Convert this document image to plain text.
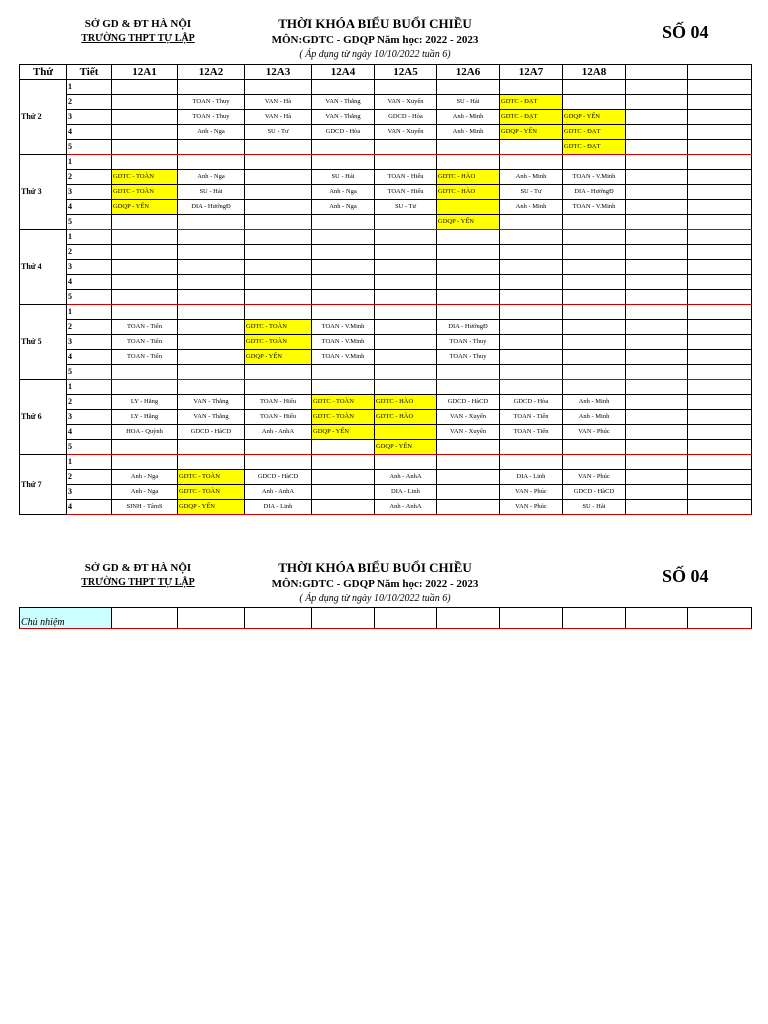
SỞ GD & ĐT HÀ NỘI
TRƯỜNG THPT TỰ LẬP
THỜI KHÓA BIỂU BUỔI CHIỀU
MÔN:GDTC - GDQP Năm học: 2022 - 2023
( Áp dụng từ ngày 10/10/2022 tuần 6)
SỐ 04
Thứ	Tiết	12A1	12A2	12A3	12A4	12A5	12A6	12A7	12A8		
Thứ 2	1										
	2		TOAN - Thuy	VAN - Hà	VAN - Thắng	VAN - Xuyến	SU - Hải	GDTC - ĐẠT			
	3		TOAN - Thuy	VAN - Hà	VAN - Thắng	GDCD - Hòa	Anh - Minh	GDTC - ĐẠT	GDQP - YẾN		
	4		Anh - Nga	SU - Tư	GDCD - Hòa	VAN - Xuyến	Anh - Minh	GDQP - YẾN	GDTC - ĐẠT		
	5								GDTC - ĐẠT		
Thứ 3	1										
	2	GDTC - TOÀN	Anh - Nga		SU - Hải	TOAN - Hiếu	GDTC - HÀO	Anh - Minh	TOAN - V.Minh		
	3	GDTC - TOÀN	SU - Hải		Anh - Nga	TOAN - Hiếu	GDTC - HÀO	SU - Tư	DIA - HướngĐ		
	4	GDQP - YẾN	DIA - HướngĐ		Anh - Nga	SU - Tư		Anh - Minh	TOAN - V.Minh		
	5						GDQP - YẾN				
Thứ 4	1										
	2										
	3										
	4										
	5										
Thứ 5	1										
	2	TOAN - Tiến		GDTC - TOÀN	TOAN - V.Minh		DIA - HướngĐ				
	3	TOAN - Tiến		GDTC - TOÀN	TOAN - V.Minh		TOAN - Thuy				
	4	TOAN - Tiến		GDQP - YẾN	TOAN - V.Minh		TOAN - Thuy				
	5										
Thứ 6	1										
	2	LY - Hằng	VAN - Thắng	TOAN - Hiếu	GDTC - TOÀN	GDTC - HÀO	GDCD - HàCD	GDCD - Hòa	Anh - Minh		
	3	LY - Hằng	VAN - Thắng	TOAN - Hiếu	GDTC - TOÀN	GDTC - HÀO	VAN - Xuyến	TOAN - Tiến	Anh - Minh		
	4	HOA - Quỳnh	GDCD - HàCD	Anh - AnhA	GDQP - YẾN		VAN - Xuyến	TOAN - Tiến	VAN - Phúc		
	5					GDQP - YẾN					
Thứ 7	1										
	2	Anh - Nga	GDTC - TOÀN	GDCD - HàCD		Anh - AnhA		DIA - Linh	VAN - Phúc		
	3	Anh - Nga	GDTC - TOÀN	Anh - AnhA		DIA - Linh		VAN - Phúc	GDCD - HàCD		
	4	SINH - TâmS	GDQP - YẾN	DIA - Linh		Anh - AnhA		VAN - Phúc	SU - Hải		
SỞ GD & ĐT HÀ NỘI
TRƯỜNG THPT TỰ LẬP
THỜI KHÓA BIỂU BUỔI CHIỀU
MÔN:GDTC - GDQP Năm học: 2022 - 2023
( Áp dụng từ ngày 10/10/2022 tuần 6)
SỐ 04
Chủ nhiệm										
